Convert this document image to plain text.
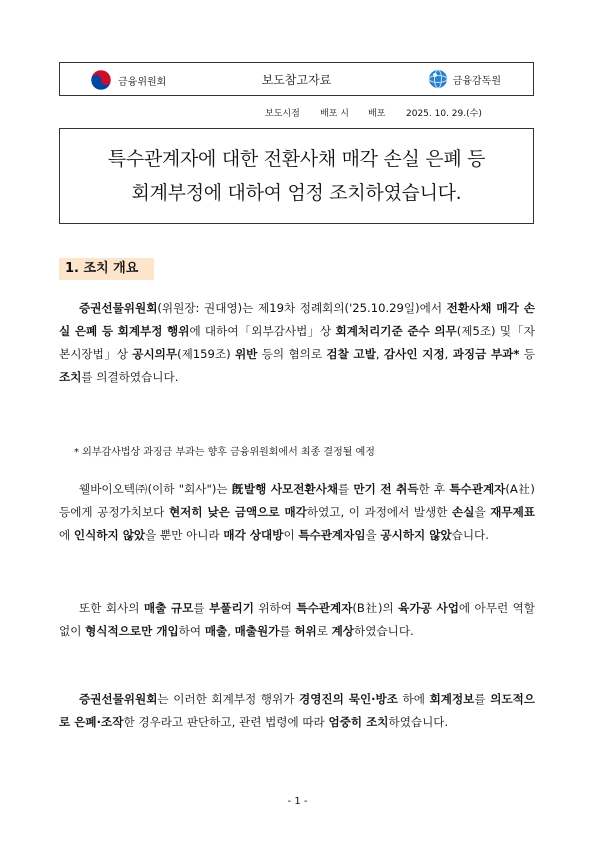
금융위원회	보도참고자료	금융감독원
보도시점	배포 시	배포	2025. 10. 29.(수)
특수관계자에 대한 전환사채 매각 손실 은폐 등
회계부정에 대하여 엄정 조치하였습니다.
1. 조치 개요
증권선물위원회(위원장: 권대영)는 제19차 정례회의('25.10.29일)에서 전환사채 매각 손실 은폐 등 회계부정 행위에 대하여「외부감사법」상 회계처리기준 준수 의무(제5조) 및「자본시장법」상 공시의무(제159조) 위반 등의 혐의로 검찰 고발, 감사인 지정, 과징금 부과* 등 조치를 의결하였습니다.
* 외부감사법상 과징금 부과는 향후 금융위원회에서 최종 결정될 예정
웰바이오텍㈜(이하 "회사")는 旣발행 사모전환사채를 만기 전 취득한 후 특수관계자(A社) 등에게 공정가치보다 현저히 낮은 금액으로 매각하였고, 이 과정에서 발생한 손실을 재무제표에 인식하지 않았을 뿐만 아니라 매각 상대방이 특수관계자임을 공시하지 않았습니다.
또한 회사의 매출 규모를 부풀리기 위하여 특수관계자(B社)의 육가공 사업에 아무런 역할 없이 형식적으로만 개입하여 매출, 매출원가를 허위로 계상하였습니다.
증권선물위원회는 이러한 회계부정 행위가 경영진의 묵인·방조 하에 회계정보를 의도적으로 은폐·조작한 경우라고 판단하고, 관련 법령에 따라 엄중히 조치하였습니다.
- 1 -
